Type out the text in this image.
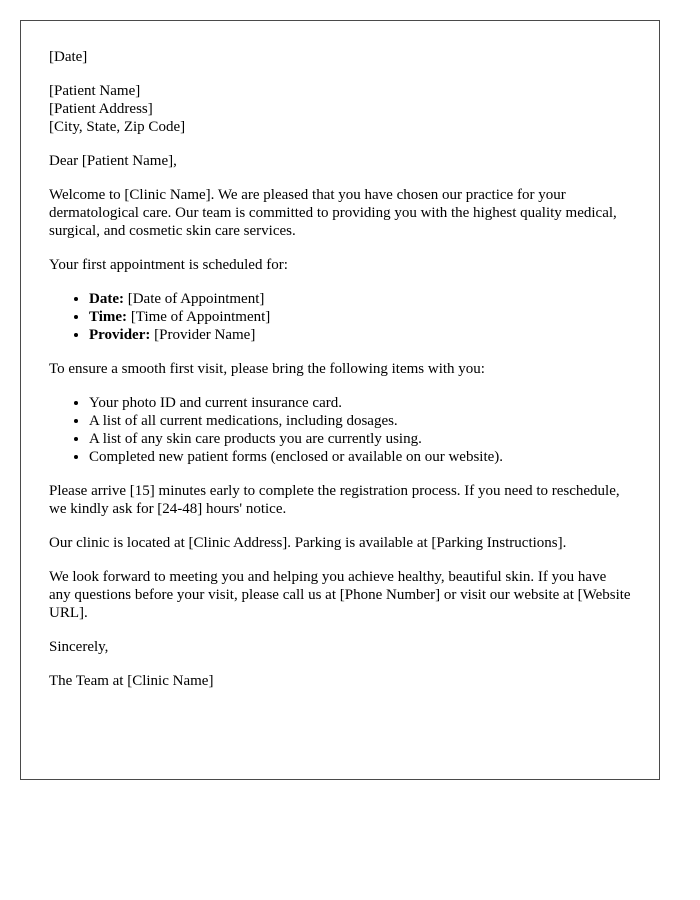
[Date]

[Patient Name]
[Patient Address]
[City, State, Zip Code]

Dear [Patient Name],

Welcome to [Clinic Name]. We are pleased that you have chosen our practice for your dermatological care. Our team is committed to providing you with the highest quality medical, surgical, and cosmetic skin care services.

Your first appointment is scheduled for:

• Date: [Date of Appointment]
• Time: [Time of Appointment]
• Provider: [Provider Name]

To ensure a smooth first visit, please bring the following items with you:

• Your photo ID and current insurance card.
• A list of all current medications, including dosages.
• A list of any skin care products you are currently using.
• Completed new patient forms (enclosed or available on our website).

Please arrive [15] minutes early to complete the registration process. If you need to reschedule, we kindly ask for [24-48] hours' notice.

Our clinic is located at [Clinic Address]. Parking is available at [Parking Instructions].

We look forward to meeting you and helping you achieve healthy, beautiful skin. If you have any questions before your visit, please call us at [Phone Number] or visit our website at [Website URL].

Sincerely,

The Team at [Clinic Name]
